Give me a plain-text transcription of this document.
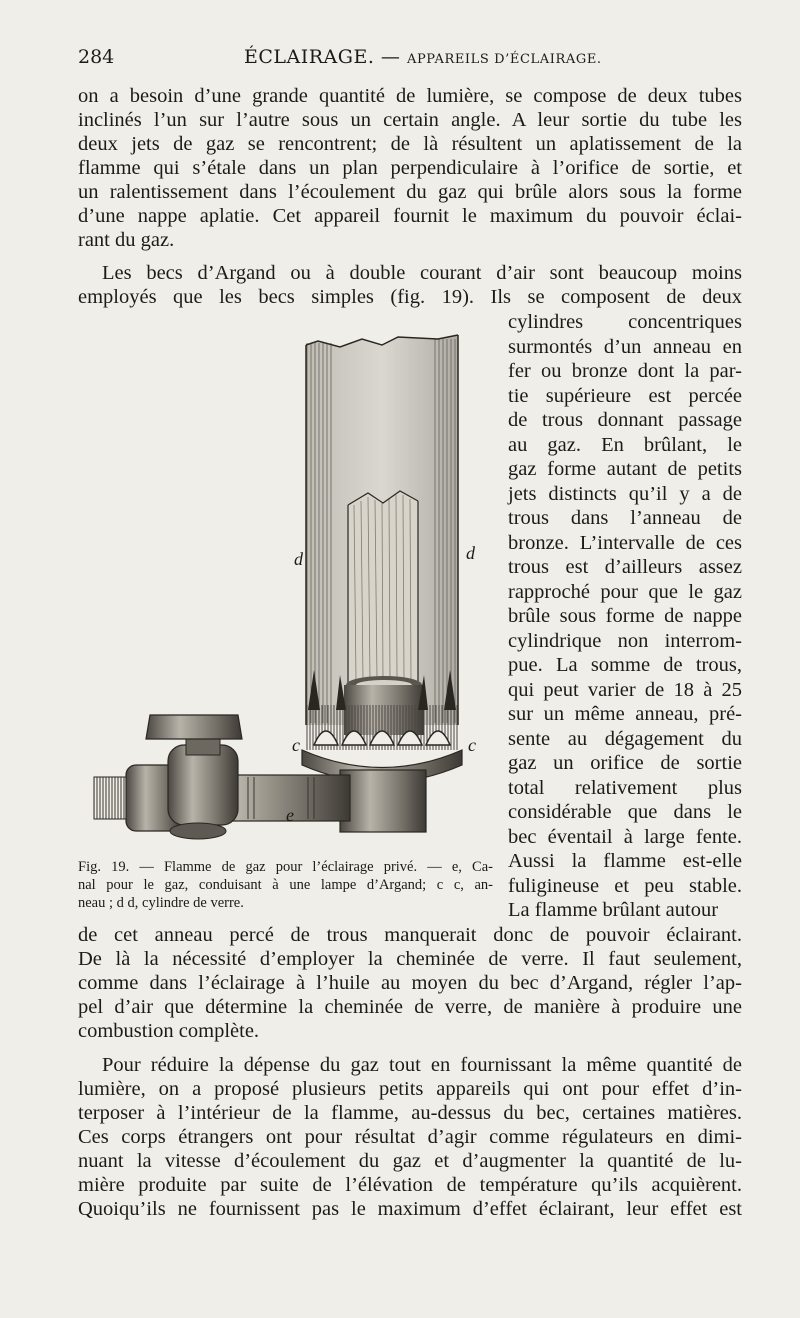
284	ÉCLAIRAGE. — APPAREILS D’ÉCLAIRAGE.
on a besoin d’une grande quantité de lumière, se compose de deux tubes
inclinés l’un sur l’autre sous un certain angle. A leur sortie du tube les
deux jets de gaz se rencontrent; de là résultent un aplatissement de la
flamme qui s’étale dans un plan perpendiculaire à l’orifice de sortie, et
un ralentissement dans l’écoulement du gaz qui brûle alors sous la forme
d’une nappe aplatie. Cet appareil fournit le maximum du pouvoir éclai-
rant du gaz.
Les becs d’Argand ou à double courant d’air sont beaucoup moins
employés que les becs simples (fig. 19). Ils se composent de deux
cylindres concentriques
surmontés d’un anneau en
fer ou bronze dont la par-
tie supérieure est percée
de trous donnant passage
au gaz. En brûlant, le
gaz forme autant de petits
jets distincts qu’il y a de
trous dans l’anneau de
bronze. L’intervalle de ces
trous est d’ailleurs assez
rapproché pour que le gaz
brûle sous forme de nappe
cylindrique non interrom-
pue. La somme de trous,
qui peut varier de 18 à 25
sur un même anneau, pré-
sente au dégagement du
gaz un orifice de sortie
total relativement plus
considérable que dans le
bec éventail à large fente.
Aussi la flamme est-elle
fuligineuse et peu stable.
La flamme brûlant autour
de cet anneau percé de trous manquerait donc de pouvoir éclairant.
De là la nécessité d’employer la cheminée de verre. Il faut seulement,
comme dans l’éclairage à l’huile au moyen du bec d’Argand, régler l’ap-
pel d’air que détermine la cheminée de verre, de manière à produire une
combustion complète.
Pour réduire la dépense du gaz tout en fournissant la même quantité de
lumière, on a proposé plusieurs petits appareils qui ont pour effet d’in-
terposer à l’intérieur de la flamme, au-dessus du bec, certaines matières.
Ces corps étrangers ont pour résultat d’agir comme régulateurs en dimi-
nuant la vitesse d’écoulement du gaz et d’augmenter la quantité de lu-
mière produite par suite de l’élévation de température qu’ils acquièrent.
Quoiqu’ils ne fournissent pas le maximum d’effet éclairant, leur effet est
d	d
c	c
e
Fig. 19. — Flamme de gaz pour l’éclairage privé. — e, Ca-
nal pour le gaz, conduisant à une lampe d’Argand; c c, an-
neau ; d d, cylindre de verre.
